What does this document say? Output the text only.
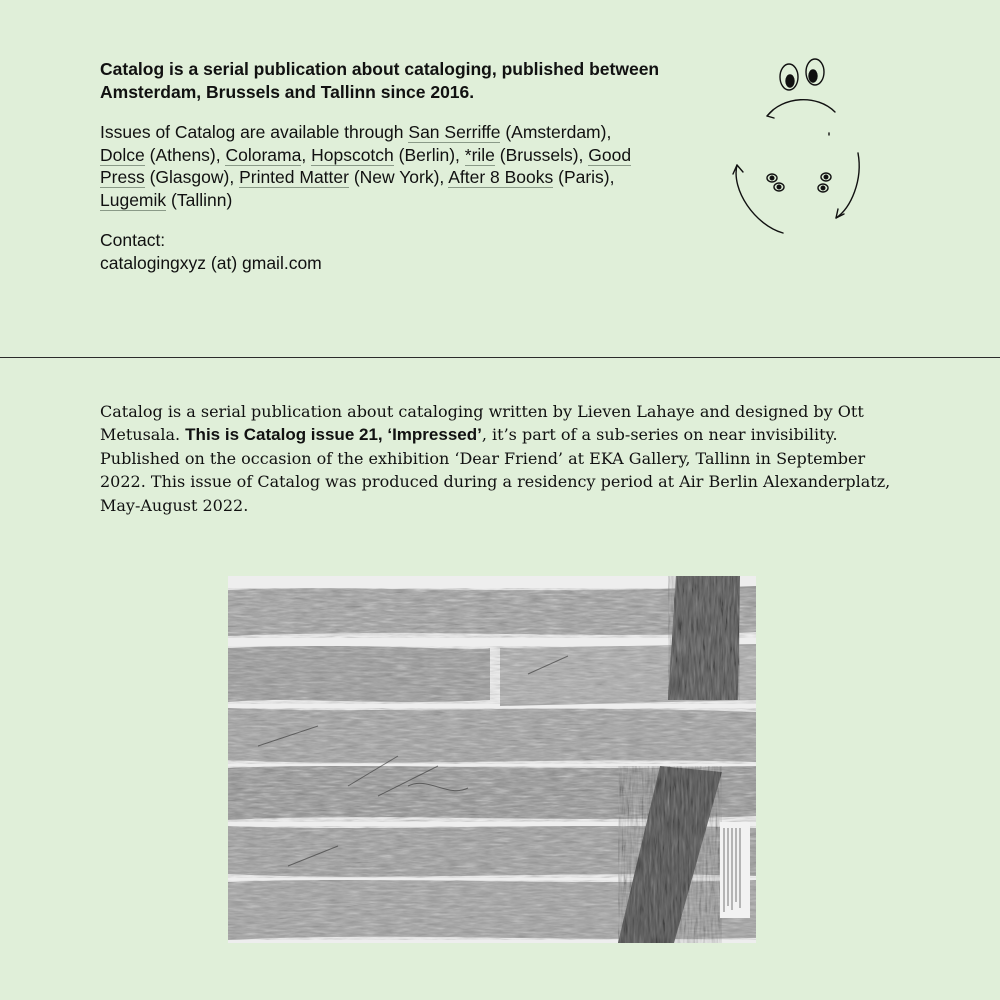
Catalog is a serial publication about cataloging, published between Amsterdam, Brussels and Tallinn since 2016.

Issues of Catalog are available through San Serriffe (Amsterdam), Dolce (Athens), Colorama, Hopscotch (Berlin), *rile (Brussels), Good Press (Glasgow), Printed Matter (New York), After 8 Books (Paris), Lugemik (Tallinn)

Contact:
catalogingxyz (at) gmail.com

Catalog is a serial publication about cataloging written by Lieven Lahaye and designed by Ott Metusala. This is Catalog issue 21, ‘Impressed’, it’s part of a sub-series on near invisibility. Published on the occasion of the exhibition ‘Dear Friend’ at EKA Gallery, Tallinn in September 2022. This issue of Catalog was produced during a residency period at Air Berlin Alexanderplatz, May-August 2022.
